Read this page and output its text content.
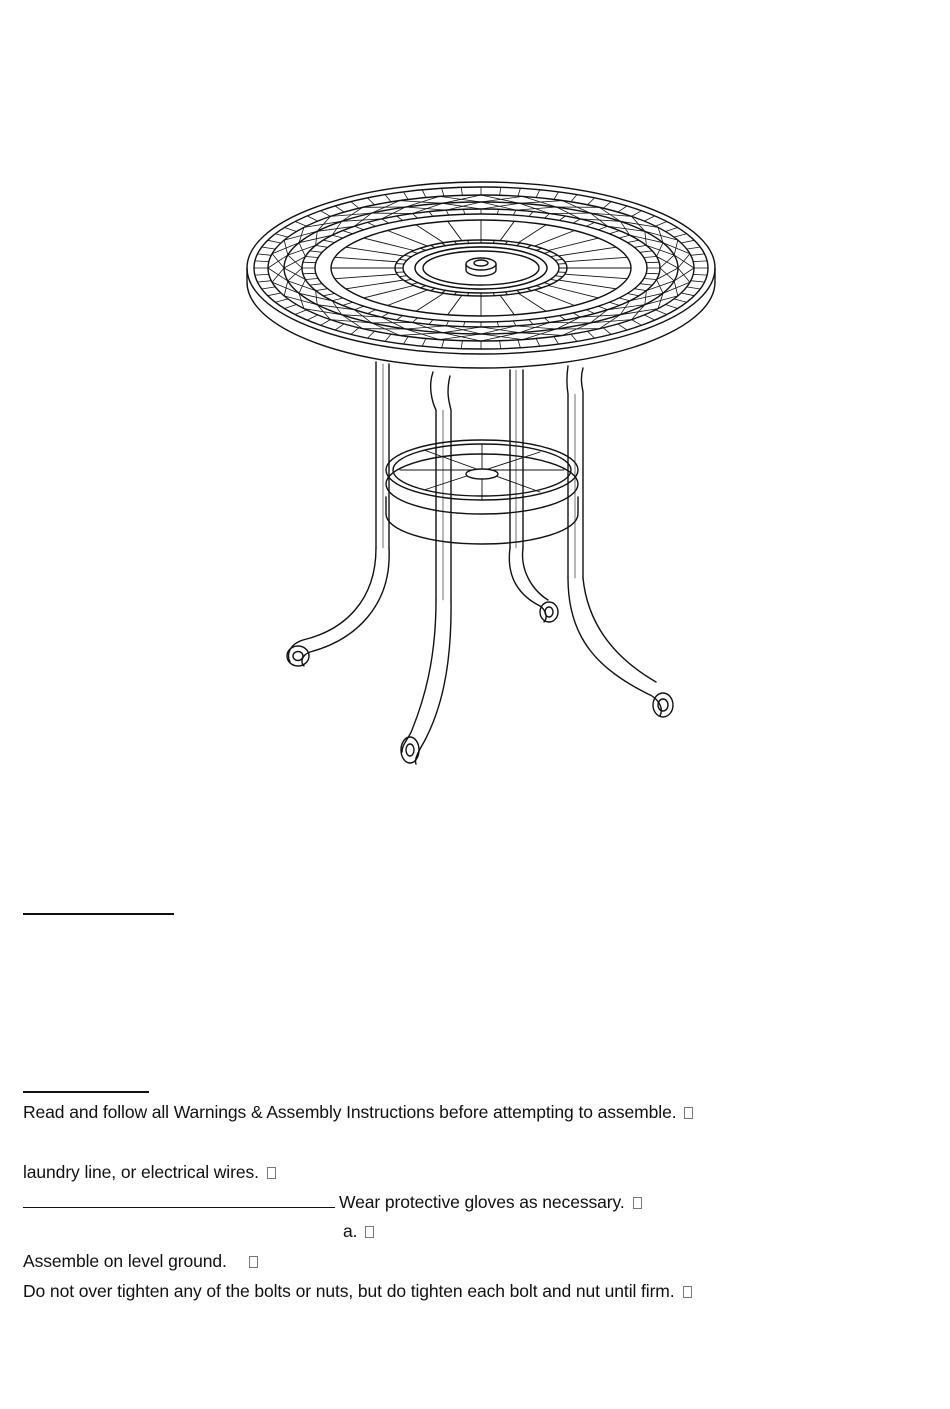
Read and follow all Warnings & Assembly Instructions before attempting to assemble.
laundry line, or electrical wires.
Wear protective gloves as necessary.
a.
Assemble on level ground.
Do not over tighten any of the bolts or nuts, but do tighten each bolt and nut until firm.
